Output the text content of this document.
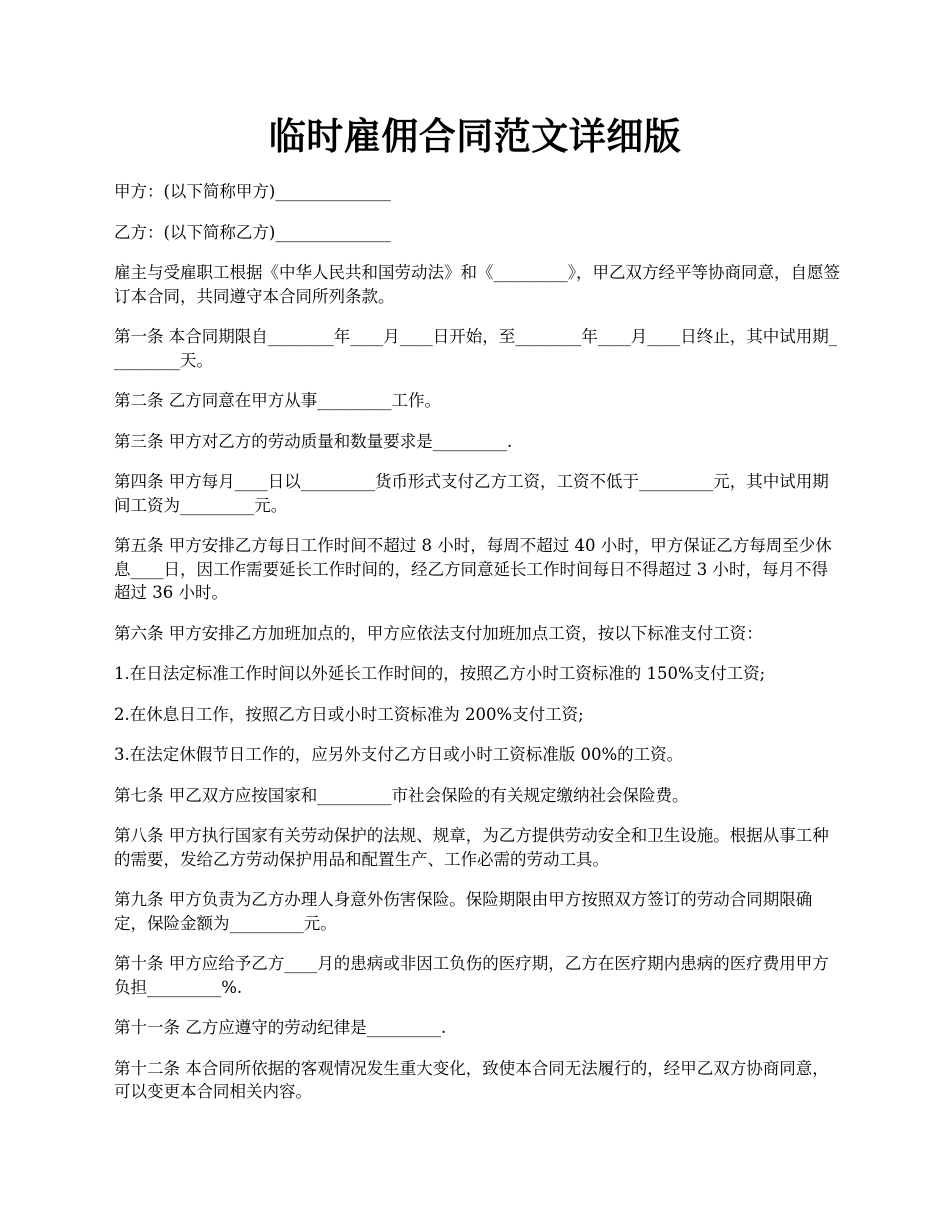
临时雇佣合同范文详细版

甲方：(以下简称甲方)______________

乙方：(以下简称乙方)______________

雇主与受雇职工根据《中华人民共和国劳动法》和《_________》，甲乙双方经平等协商同意，自愿签订本合同，共同遵守本合同所列条款。

第一条 本合同期限自________年____月____日开始，至________年____月____日终止，其中试用期_________天。

第二条 乙方同意在甲方从事_________工作。

第三条 甲方对乙方的劳动质量和数量要求是_________.

第四条 甲方每月____日以_________货币形式支付乙方工资，工资不低于_________元，其中试用期间工资为_________元。

第五条 甲方安排乙方每日工作时间不超过 8 小时，每周不超过 40 小时，甲方保证乙方每周至少休息____日，因工作需要延长工作时间的，经乙方同意延长工作时间每日不得超过 3 小时，每月不得超过 36 小时。

第六条 甲方安排乙方加班加点的，甲方应依法支付加班加点工资，按以下标准支付工资：

1.在日法定标准工作时间以外延长工作时间的，按照乙方小时工资标准的 150%支付工资;

2.在休息日工作，按照乙方日或小时工资标准为 200%支付工资;

3.在法定休假节日工作的，应另外支付乙方日或小时工资标准版 00%的工资。

第七条 甲乙双方应按国家和_________市社会保险的有关规定缴纳社会保险费。

第八条 甲方执行国家有关劳动保护的法规、规章，为乙方提供劳动安全和卫生设施。根据从事工种的需要，发给乙方劳动保护用品和配置生产、工作必需的劳动工具。

第九条 甲方负责为乙方办理人身意外伤害保险。保险期限由甲方按照双方签订的劳动合同期限确定，保险金额为_________元。

第十条 甲方应给予乙方____月的患病或非因工负伤的医疗期，乙方在医疗期内患病的医疗费用甲方负担_________%.

第十一条 乙方应遵守的劳动纪律是_________.

第十二条 本合同所依据的客观情况发生重大变化，致使本合同无法履行的，经甲乙双方协商同意，可以变更本合同相关内容。
